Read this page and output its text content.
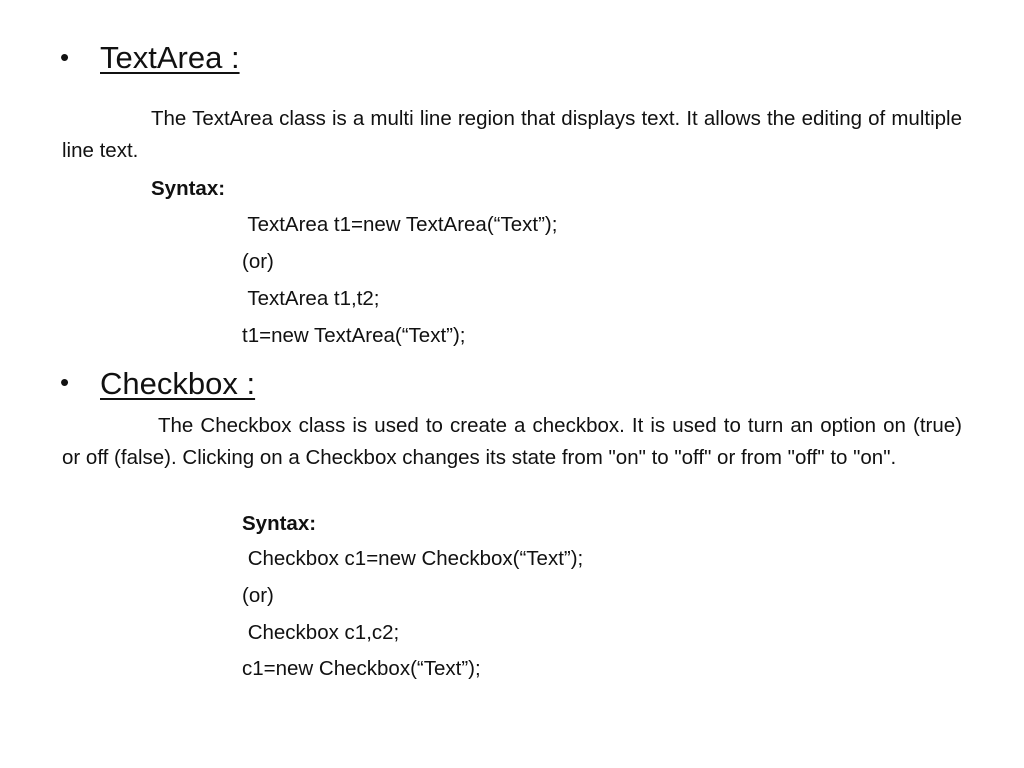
• TextArea :
The TextArea class is a multi line region that displays text. It allows the editing of multiple line text.
Syntax:
TextArea t1=new TextArea(“Text”);
(or)
TextArea t1,t2;
t1=new TextArea(“Text”);
• Checkbox :
The Checkbox class is used to create a checkbox. It is used to turn an option on (true) or off (false). Clicking on a Checkbox changes its state from "on" to "off" or from "off" to "on".
Syntax:
Checkbox c1=new Checkbox(“Text”);
(or)
Checkbox c1,c2;
c1=new Checkbox(“Text”);
